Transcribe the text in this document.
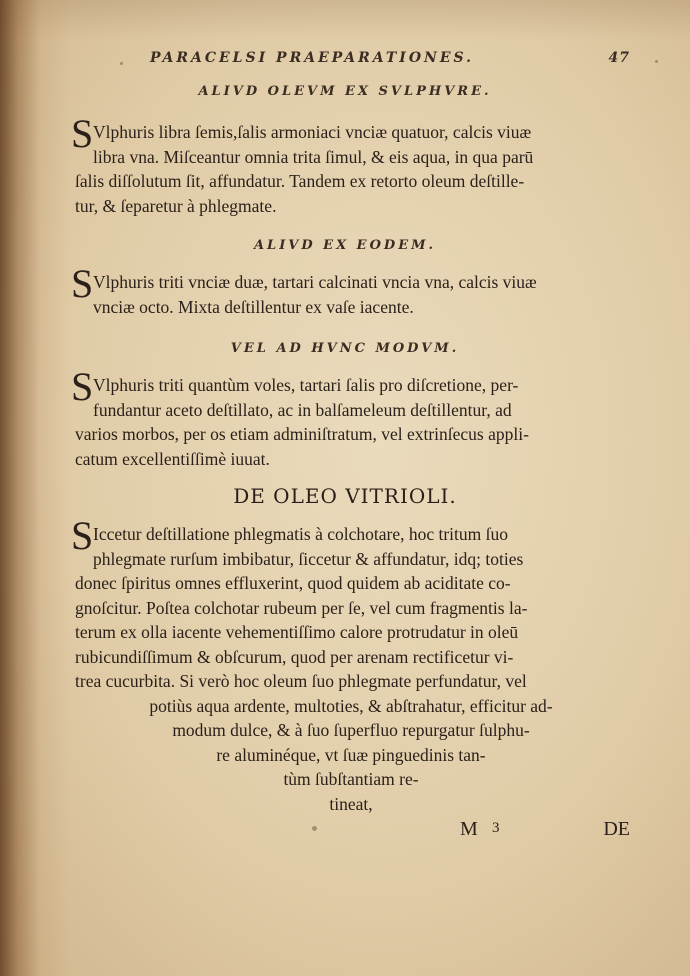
PARACELSI PRAEPARATIONES.	47
ALIVD OLEVM EX SVLPHVRE.
S Vlphuris libra ſemis,ſalis armoniaci vnciæ quatuor, calcis viuæ
libra vna. Miſceantur omnia trita ſimul, & eis aqua, in qua parū
ſalis diſſolutum ſit, affundatur. Tandem ex retorto oleum deſtille-
tur, & ſeparetur à phlegmate.
ALIVD EX EODEM.
S Vlphuris triti vnciæ duæ, tartari calcinati vncia vna, calcis viuæ
vnciæ octo. Mixta deſtillentur ex vaſe iacente.
VEL AD HVNC MODVM.
S Vlphuris triti quantùm voles, tartari ſalis pro diſcretione, per-
fundantur aceto deſtillato, ac in balſameleum deſtillentur, ad
varios morbos, per os etiam adminiſtratum, vel extrinſecus appli-
catum excellentiſſimè iuuat.
DE OLEO VITRIOLI.
S Iccetur deſtillatione phlegmatis à colchotare, hoc tritum ſuo
phlegmate rurſum imbibatur, ſiccetur & affundatur, idq; toties
donec ſpiritus omnes effluxerint, quod quidem ab aciditate co-
gnoſcitur. Poſtea colchotar rubeum per ſe, vel cum fragmentis la-
terum ex olla iacente vehementiſſimo calore protrudatur in oleū
rubicundiſſimum & obſcurum, quod per arenam rectificetur vi-
trea cucurbita. Si verò hoc oleum ſuo phlegmate perfundatur, vel
potiùs aqua ardente, multoties, & abſtrahatur, efficitur ad-
modum dulce, & à ſuo ſuperfluo repurgatur ſulphu-
re aluminéque, vt ſuæ pinguedinis tan-
tùm ſubſtantiam re-
tineat,
M 3	DE
